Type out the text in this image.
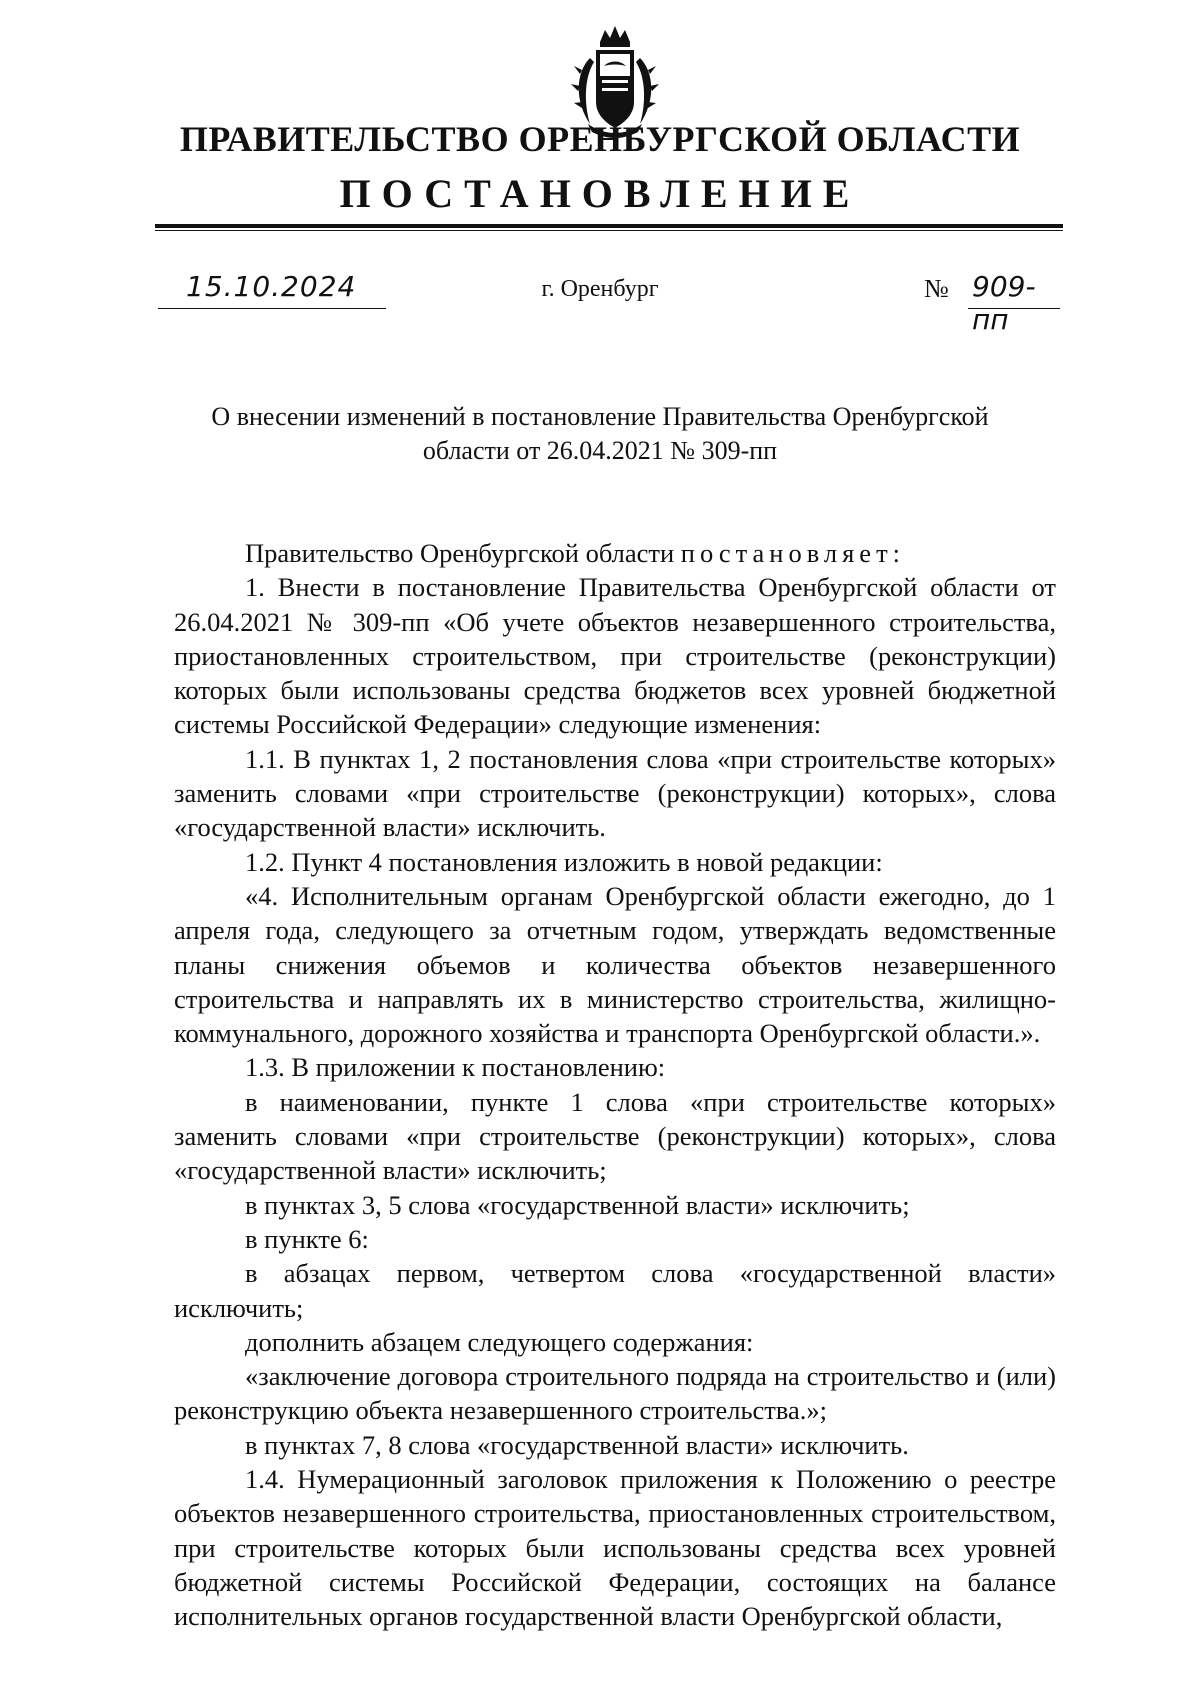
ПРАВИТЕЛЬСТВО ОРЕНБУРГСКОЙ ОБЛАСТИ
ПОСТАНОВЛЕНИЕ
15.10.2024	г. Оренбург	№ 909-пп
О внесении изменений в постановление Правительства Оренбургской
области от 26.04.2021 № 309-пп

Правительство Оренбургской области постановляет:

1. Внести в постановление Правительства Оренбургской области от 26.04.2021 № 309-пп «Об учете объектов незавершенного строительства, приостановленных строительством, при строительстве (реконструкции) которых были использованы средства бюджетов всех уровней бюджетной системы Российской Федерации» следующие изменения:

1.1. В пунктах 1, 2 постановления слова «при строительстве которых» заменить словами «при строительстве (реконструкции) которых», слова «государственной власти» исключить.

1.2. Пункт 4 постановления изложить в новой редакции:

«4. Исполнительным органам Оренбургской области ежегодно, до 1 апреля года, следующего за отчетным годом, утверждать ведомственные планы снижения объемов и количества объектов незавершенного строительства и направлять их в министерство строительства, жилищно-коммунального, дорожного хозяйства и транспорта Оренбургской области.».

1.3. В приложении к постановлению:

в наименовании, пункте 1 слова «при строительстве которых» заменить словами «при строительстве (реконструкции) которых», слова «государственной власти» исключить;

в пунктах 3, 5 слова «государственной власти» исключить;

в пункте 6:

в абзацах первом, четвертом слова «государственной власти» исключить;

дополнить абзацем следующего содержания:

«заключение договора строительного подряда на строительство и (или) реконструкцию объекта незавершенного строительства.»;

в пунктах 7, 8 слова «государственной власти» исключить.

1.4. Нумерационный заголовок приложения к Положению о реестре объектов незавершенного строительства, приостановленных строительством, при строительстве которых были использованы средства всех уровней бюджетной системы Российской Федерации, состоящих на балансе исполнительных органов государственной власти Оренбургской области,
